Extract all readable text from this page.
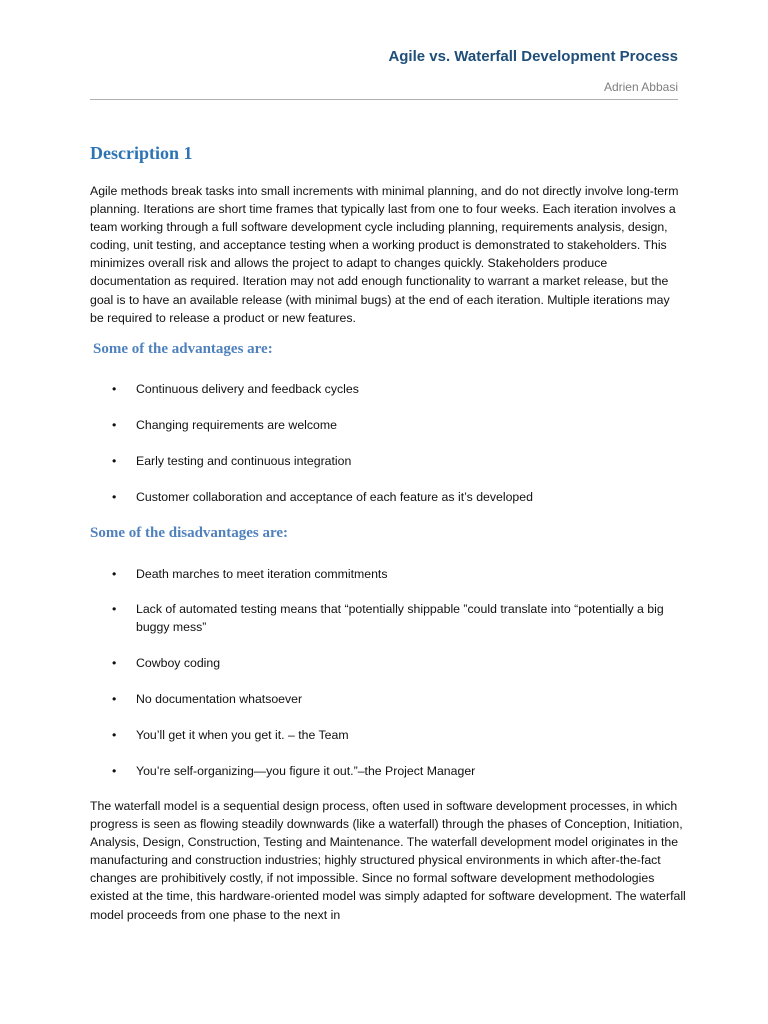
Agile vs. Waterfall Development Process
Adrien Abbasi
Description 1
Agile methods break tasks into small increments with minimal planning, and do not directly involve long-term planning. Iterations are short time frames that typically last from one to four weeks. Each iteration involves a team working through a full software development cycle including planning, requirements analysis, design, coding, unit testing, and acceptance testing when a working product is demonstrated to stakeholders. This minimizes overall risk and allows the project to adapt to changes quickly. Stakeholders produce documentation as required. Iteration may not add enough functionality to warrant a market release, but the goal is to have an available release (with minimal bugs) at the end of each iteration. Multiple iterations may be required to release a product or new features.
Some of the advantages are:
•	Continuous delivery and feedback cycles
•	Changing requirements are welcome
•	Early testing and continuous integration
•	Customer collaboration and acceptance of each feature as it’s developed
Some of the disadvantages are:
•	Death marches to meet iteration commitments
•	Lack of automated testing means that “potentially shippable ”could translate into “potentially a big buggy mess”
•	Cowboy coding
•	No documentation whatsoever
•	You’ll get it when you get it. – the Team
•	You’re self-organizing—you figure it out.”–the Project Manager
The waterfall model is a sequential design process, often used in software development processes, in which progress is seen as flowing steadily downwards (like a waterfall) through the phases of Conception, Initiation, Analysis, Design, Construction, Testing and Maintenance. The waterfall development model originates in the manufacturing and construction industries; highly structured physical environments in which after-the-fact changes are prohibitively costly, if not impossible. Since no formal software development methodologies existed at the time, this hardware-oriented model was simply adapted for software development. The waterfall model proceeds from one phase to the next in
